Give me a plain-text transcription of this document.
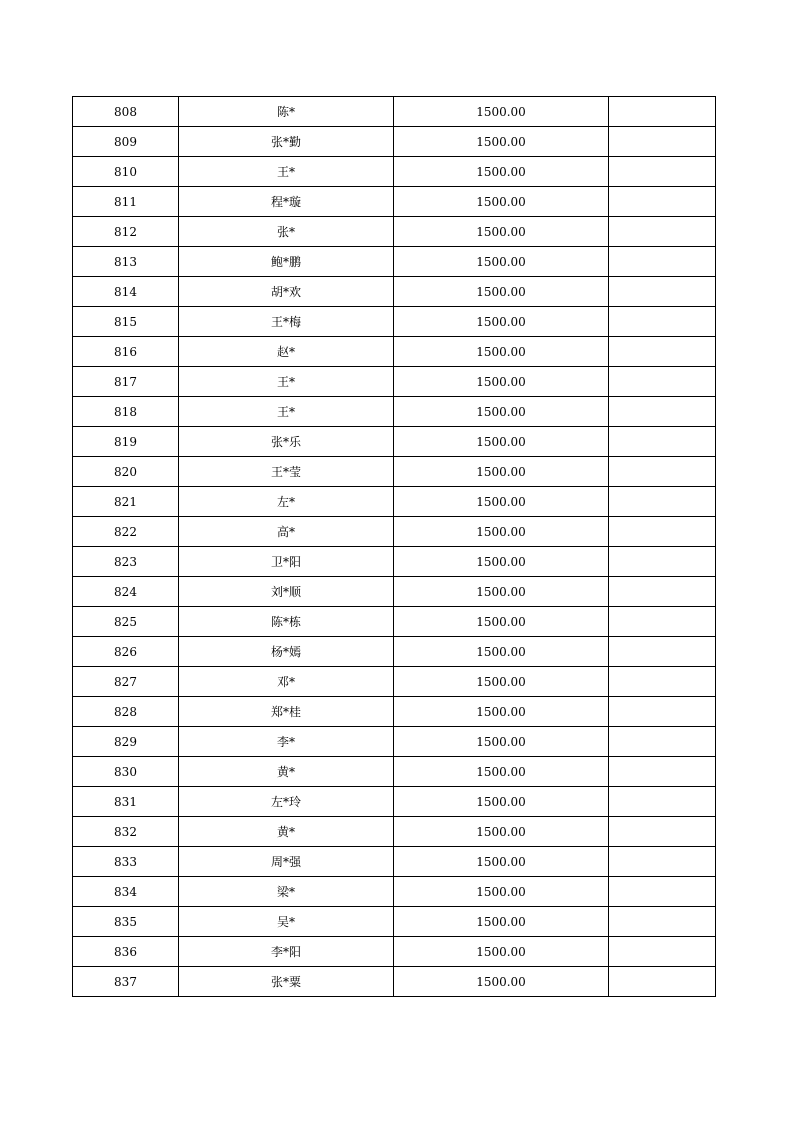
808	陈*	1500.00	
809	张*勤	1500.00	
810	王*	1500.00	
811	程*璇	1500.00	
812	张*	1500.00	
813	鲍*鹏	1500.00	
814	胡*欢	1500.00	
815	王*梅	1500.00	
816	赵*	1500.00	
817	王*	1500.00	
818	王*	1500.00	
819	张*乐	1500.00	
820	王*莹	1500.00	
821	左*	1500.00	
822	高*	1500.00	
823	卫*阳	1500.00	
824	刘*顺	1500.00	
825	陈*栋	1500.00	
826	杨*嫣	1500.00	
827	邓*	1500.00	
828	郑*桂	1500.00	
829	李*	1500.00	
830	黄*	1500.00	
831	左*玲	1500.00	
832	黄*	1500.00	
833	周*强	1500.00	
834	梁*	1500.00	
835	吴*	1500.00	
836	李*阳	1500.00	
837	张*粟	1500.00	
